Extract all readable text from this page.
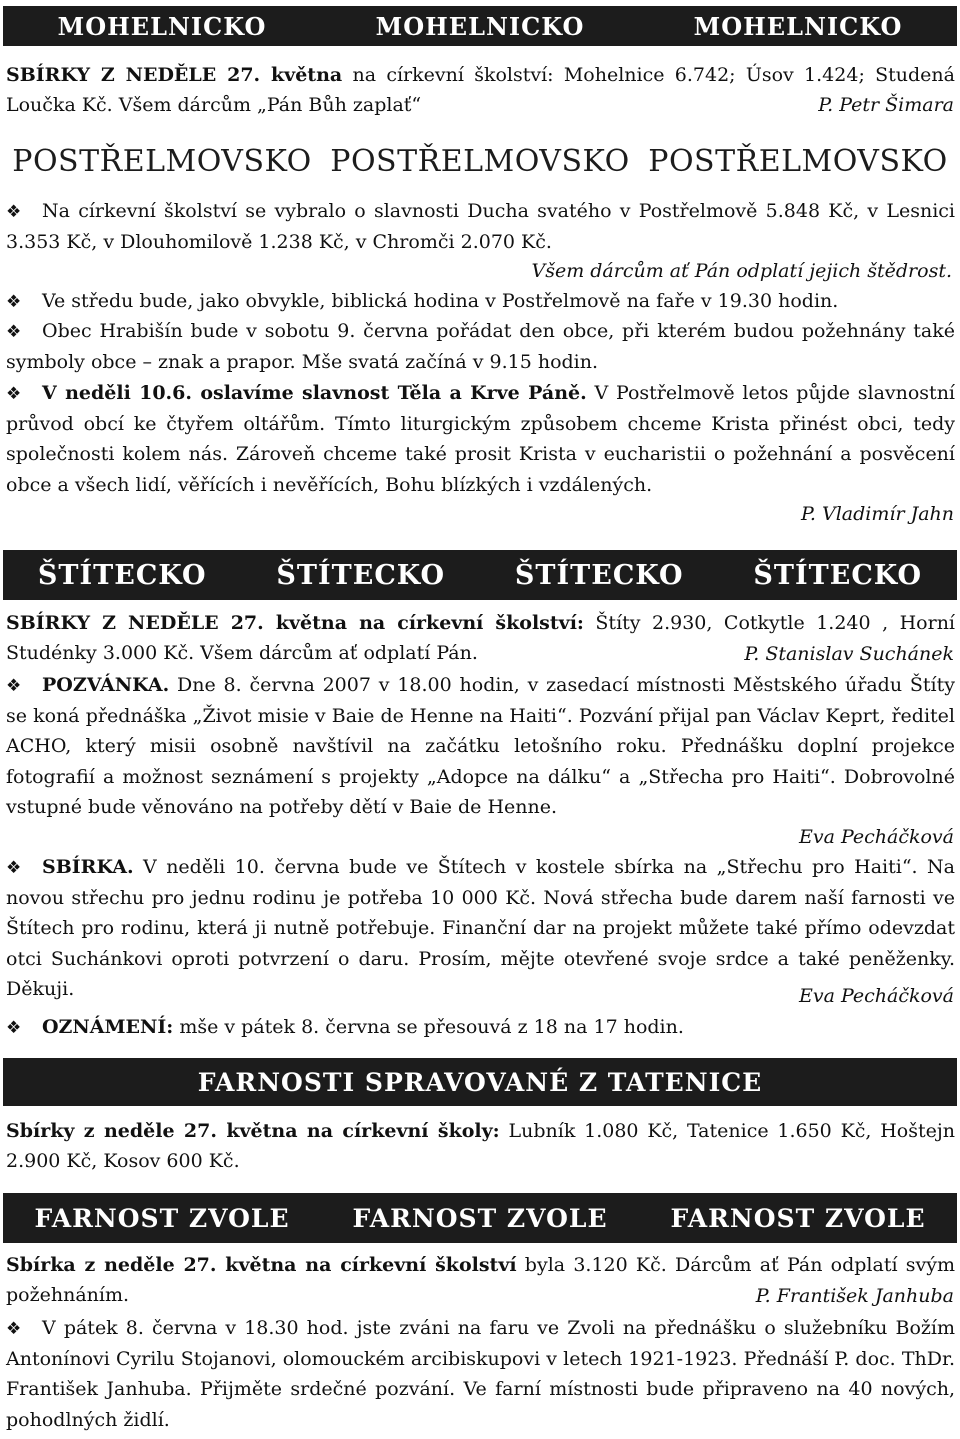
MOHELNICKO	MOHELNICKO	MOHELNICKO

SBÍRKY Z NEDĚLE 27. května na církevní školství: Mohelnice 6.742; Úsov 1.424; Studená Loučka Kč. Všem dárcům „Pán Bůh zaplať“	P. Petr Šimara
POSTŘELMOVSKO POSTŘELMOVSKO POSTŘELMOVSKO

❖ Na církevní školství se vybralo o slavnosti Ducha svatého v Postřelmově 5.848 Kč, v Lesnici 3.353 Kč, v Dlouhomilově 1.238 Kč, v Chromči 2.070 Kč.

Všem dárcům ať Pán odplatí jejich štědrost.

❖ Ve středu bude, jako obvykle, biblická hodina v Postřelmově na faře v 19.30 hodin.

❖ Obec Hrabišín bude v sobotu 9. června pořádat den obce, při kterém budou požehnány také symboly obce – znak a prapor. Mše svatá začíná v 9.15 hodin.

❖ V neděli 10.6. oslavíme slavnost Těla a Krve Páně. V Postřelmově letos půjde slavnostní průvod obcí ke čtyřem oltářům. Tímto liturgickým způsobem chceme Krista přinést obci, tedy společnosti kolem nás. Zároveň chceme také prosit Krista v eucharistii o požehnání a posvěcení obce a všech lidí, věřících i nevěřících, Bohu blízkých i vzdálených.

P. Vladimír Jahn
ŠTÍTECKO	ŠTÍTECKO	ŠTÍTECKO	ŠTÍTECKO

SBÍRKY Z NEDĚLE 27. května na církevní školství: Štíty 2.930, Cotkytle 1.240 , Horní Studénky 3.000 Kč. Všem dárcům ať odplatí Pán.	P. Stanislav Suchánek

❖ POZVÁNKA. Dne 8. června 2007 v 18.00 hodin, v zasedací místnosti Městského úřadu Štíty se koná přednáška „Život misie v Baie de Henne na Haiti“. Pozvání přijal pan Václav Keprt, ředitel ACHO, který misii osobně navštívil na začátku letošního roku. Přednášku doplní projekce fotografií a možnost seznámení s projekty „Adopce na dálku“ a „Střecha pro Haiti“. Dobrovolné vstupné bude věnováno na potřeby dětí v Baie de Henne.

Eva Pecháčková

❖ SBÍRKA. V neděli 10. června bude ve Štítech v kostele sbírka na „Střechu pro Haiti“. Na novou střechu pro jednu rodinu je potřeba 10 000 Kč. Nová střecha bude darem naší farnosti ve Štítech pro rodinu, která ji nutně potřebuje. Finanční dar na projekt můžete také přímo odevzdat otci Suchánkovi oproti potvrzení o daru. Prosím, mějte otevřené svoje srdce a také peněženky. Děkuji.	Eva Pecháčková

❖ OZNÁMENÍ: mše v pátek 8. června se přesouvá z 18 na 17 hodin.

FARNOSTI SPRAVOVANÉ Z TATENICE

Sbírky z neděle 27. května na církevní školy: Lubník 1.080 Kč, Tatenice 1.650 Kč, Hoštejn 2.900 Kč, Kosov 600 Kč.

FARNOST ZVOLE	FARNOST ZVOLE	FARNOST ZVOLE

Sbírka z neděle 27. května na církevní školství byla 3.120 Kč. Dárcům ať Pán odplatí svým požehnáním.	P. František Janhuba

❖ V pátek 8. června v 18.30 hod. jste zváni na faru ve Zvoli na přednášku o služebníku Božím Antonínovi Cyrilu Stojanovi, olomouckém arcibiskupovi v letech 1921-1923. Přednáší P. doc. ThDr. František Janhuba. Přijměte srdečné pozvání. Ve farní místnosti bude připraveno na 40 nových, pohodlných židlí.
